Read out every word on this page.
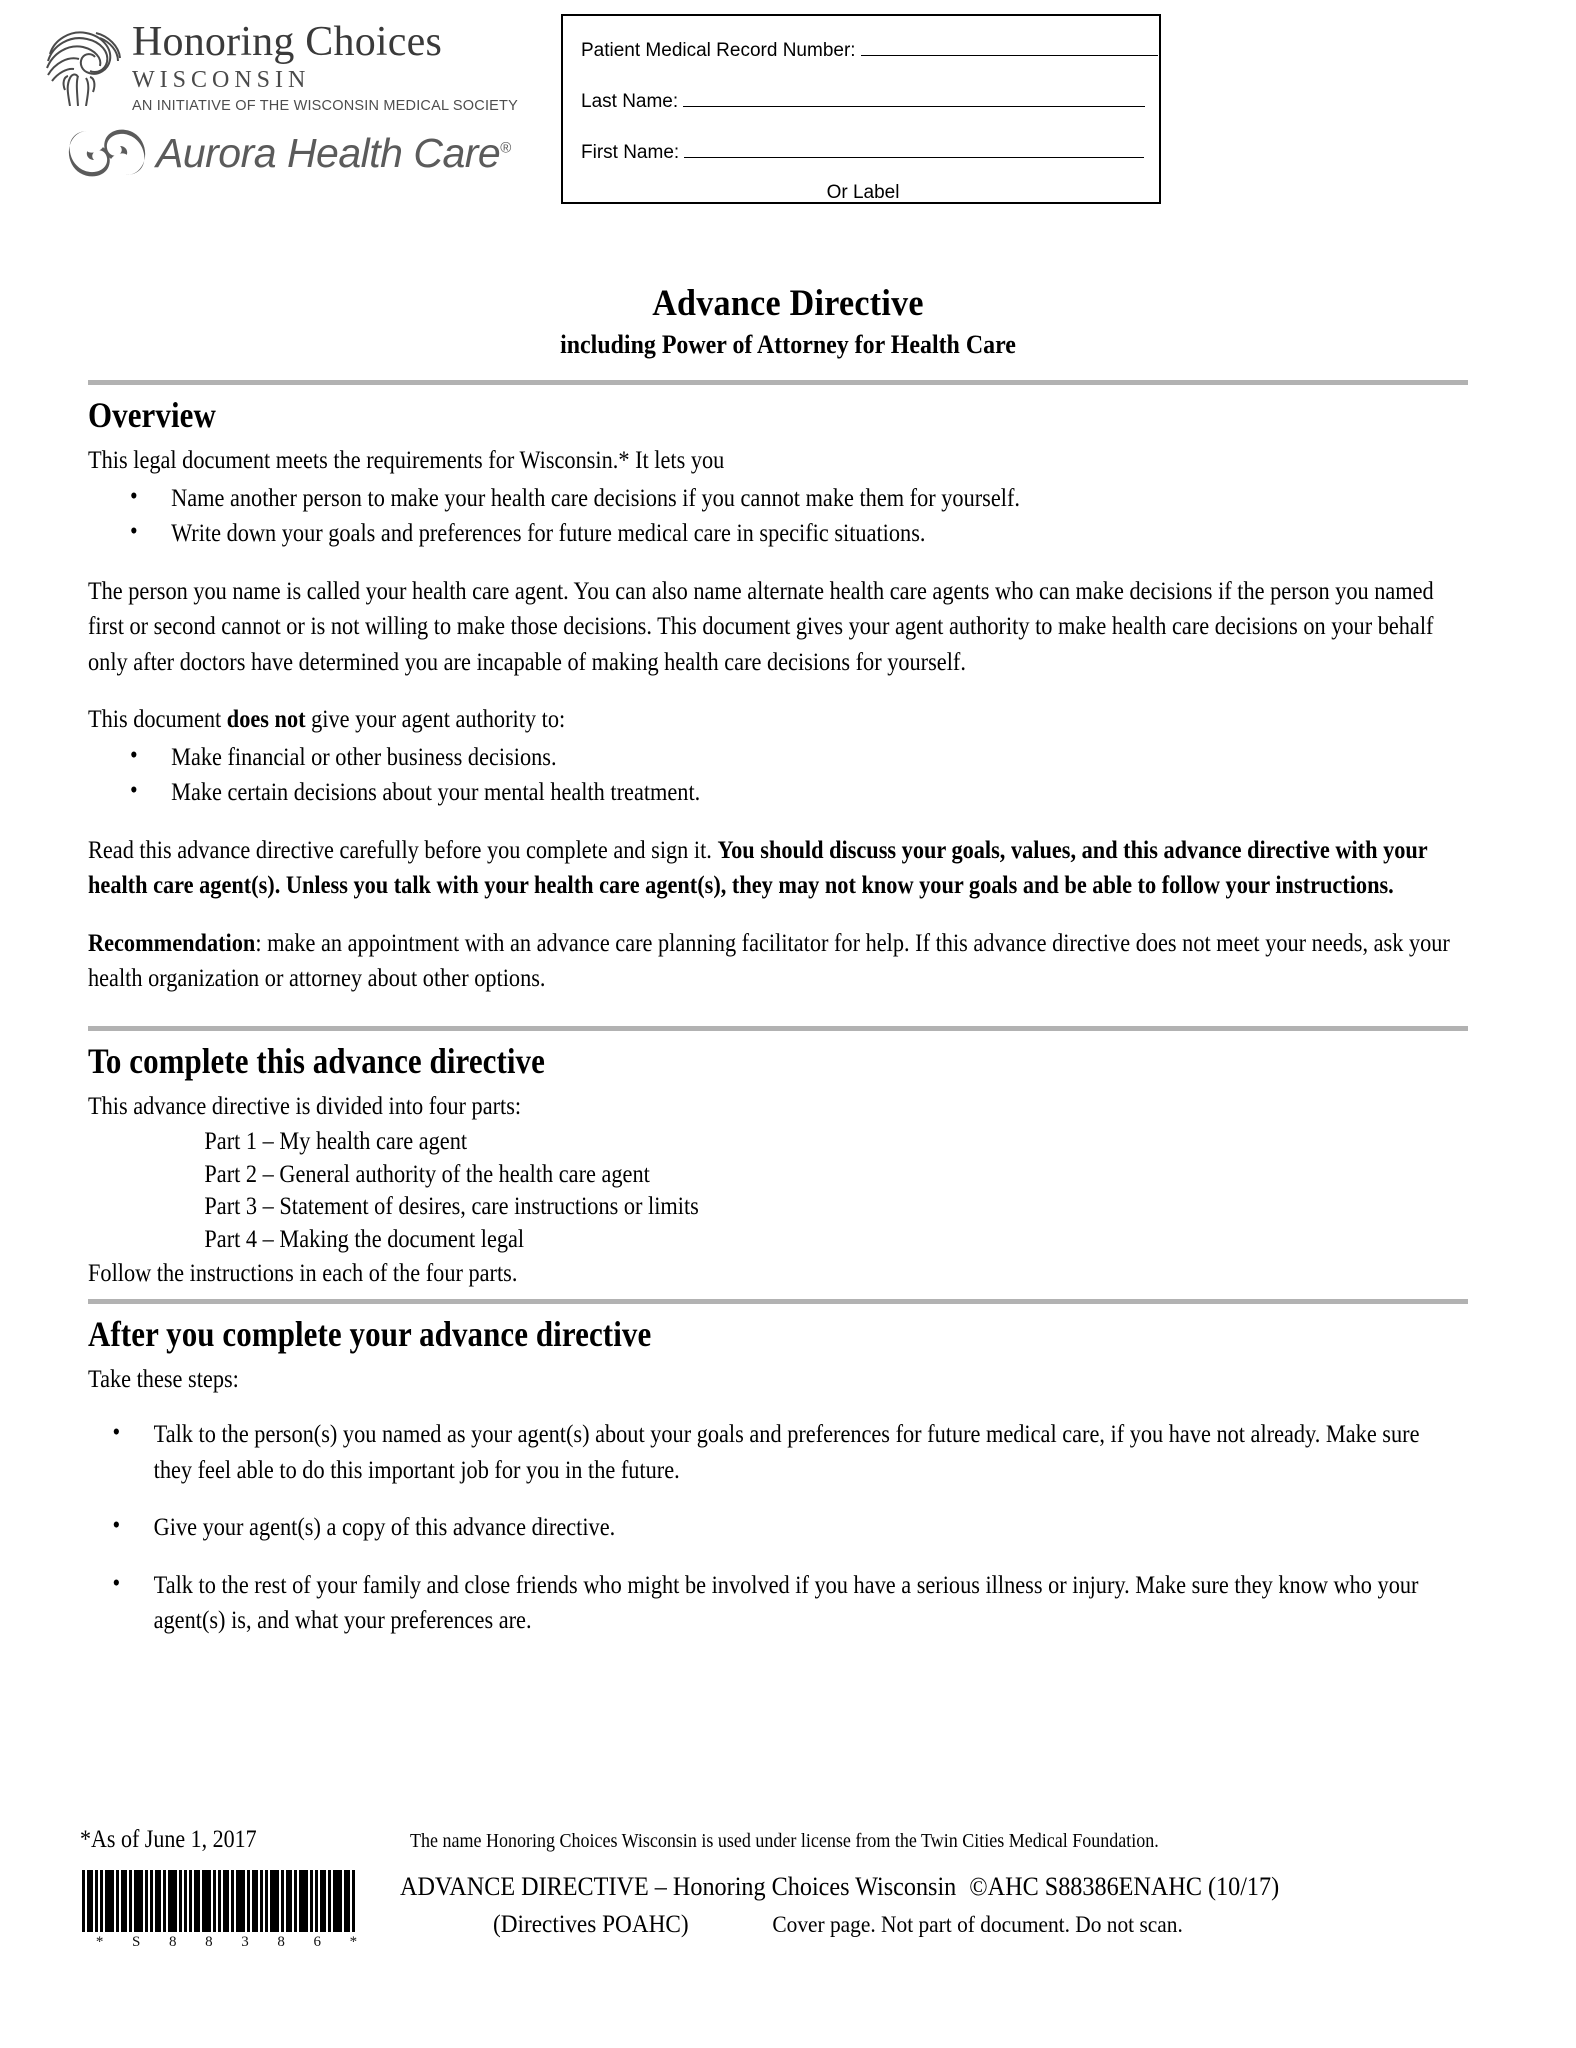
Honoring Choices
WISCONSIN
AN INITIATIVE OF THE WISCONSIN MEDICAL SOCIETY
Aurora Health Care®
Patient Medical Record Number:
Last Name:
First Name:
Or Label
Advance Directive
including Power of Attorney for Health Care
Overview

This legal document meets the requirements for Wisconsin.* It lets you

• Name another person to make your health care decisions if you cannot make them for yourself.
• Write down your goals and preferences for future medical care in specific situations.

The person you name is called your health care agent. You can also name alternate health care agents who can make decisions if the person you named first or second cannot or is not willing to make those decisions. This document gives your agent authority to make health care decisions on your behalf only after doctors have determined you are incapable of making health care decisions for yourself.

This document does not give your agent authority to:

• Make financial or other business decisions.
• Make certain decisions about your mental health treatment.

Read this advance directive carefully before you complete and sign it. You should discuss your goals, values, and this advance directive with your health care agent(s). Unless you talk with your health care agent(s), they may not know your goals and be able to follow your instructions.

Recommendation: make an appointment with an advance care planning facilitator for help. If this advance directive does not meet your needs, ask your health organization or attorney about other options.

To complete this advance directive

This advance directive is divided into four parts:

Part 1 – My health care agent
Part 2 – General authority of the health care agent
Part 3 – Statement of desires, care instructions or limits
Part 4 – Making the document legal

Follow the instructions in each of the four parts.

After you complete your advance directive

Take these steps:

• Talk to the person(s) you named as your agent(s) about your goals and preferences for future medical care, if you have not already. Make sure they feel able to do this important job for you in the future.
• Give your agent(s) a copy of this advance directive.
• Talk to the rest of your family and close friends who might be involved if you have a serious illness or injury. Make sure they know who your agent(s) is, and what your preferences are.
*As of June 1, 2017	The name Honoring Choices Wisconsin is used under license from the Twin Cities Medical Foundation.
* S 8 8 3 8 6 *
ADVANCE DIRECTIVE – Honoring Choices Wisconsin ©AHC S88386ENAHC (10/17)
(Directives POAHC)	Cover page. Not part of document. Do not scan.
